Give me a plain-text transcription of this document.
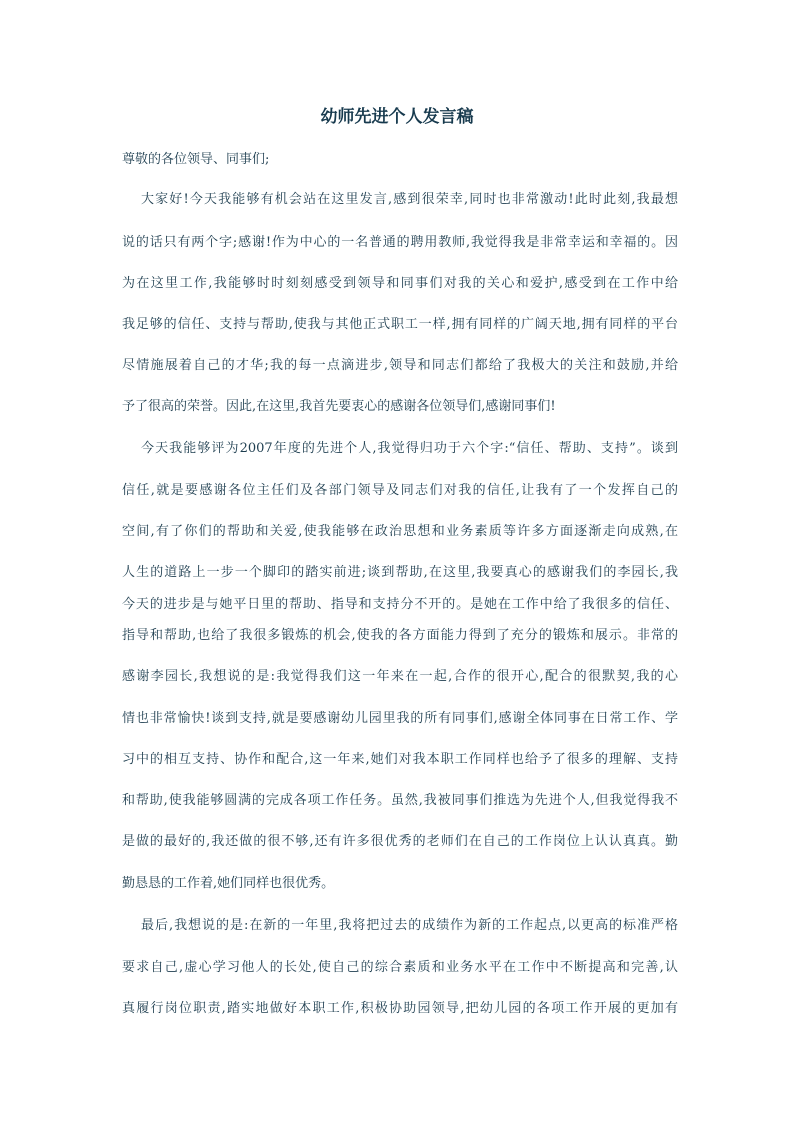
幼师先进个人发言稿
尊敬的各位领导、同事们;
大家好!今天我能够有机会站在这里发言,感到很荣幸,同时也非常激动!此时此刻,我最想
说的话只有两个字;感谢!作为中心的一名普通的聘用教师,我觉得我是非常幸运和幸福的。因
为在这里工作,我能够时时刻刻感受到领导和同事们对我的关心和爱护,感受到在工作中给
我足够的信任、支持与帮助,使我与其他正式职工一样,拥有同样的广阔天地,拥有同样的平台
尽情施展着自己的才华;我的每一点滴进步,领导和同志们都给了我极大的关注和鼓励,并给
予了很高的荣誉。因此,在这里,我首先要衷心的感谢各位领导们,感谢同事们!
今天我能够评为2007年度的先进个人,我觉得归功于六个字:“信任、帮助、支持”。谈到
信任,就是要感谢各位主任们及各部门领导及同志们对我的信任,让我有了一个发挥自己的
空间,有了你们的帮助和关爱,使我能够在政治思想和业务素质等许多方面逐渐走向成熟,在
人生的道路上一步一个脚印的踏实前进;谈到帮助,在这里,我要真心的感谢我们的李园长,我
今天的进步是与她平日里的帮助、指导和支持分不开的。是她在工作中给了我很多的信任、
指导和帮助,也给了我很多锻炼的机会,使我的各方面能力得到了充分的锻炼和展示。非常的
感谢李园长,我想说的是:我觉得我们这一年来在一起,合作的很开心,配合的很默契,我的心
情也非常愉快!谈到支持,就是要感谢幼儿园里我的所有同事们,感谢全体同事在日常工作、学
习中的相互支持、协作和配合,这一年来,她们对我本职工作同样也给予了很多的理解、支持
和帮助,使我能够圆满的完成各项工作任务。虽然,我被同事们推选为先进个人,但我觉得我不
是做的最好的,我还做的很不够,还有许多很优秀的老师们在自己的工作岗位上认认真真。勤
勤恳恳的工作着,她们同样也很优秀。
最后,我想说的是:在新的一年里,我将把过去的成绩作为新的工作起点,以更高的标准严格
要求自己,虚心学习他人的长处,使自己的综合素质和业务水平在工作中不断提高和完善,认
真履行岗位职责,踏实地做好本职工作,积极协助园领导,把幼儿园的各项工作开展的更加有
